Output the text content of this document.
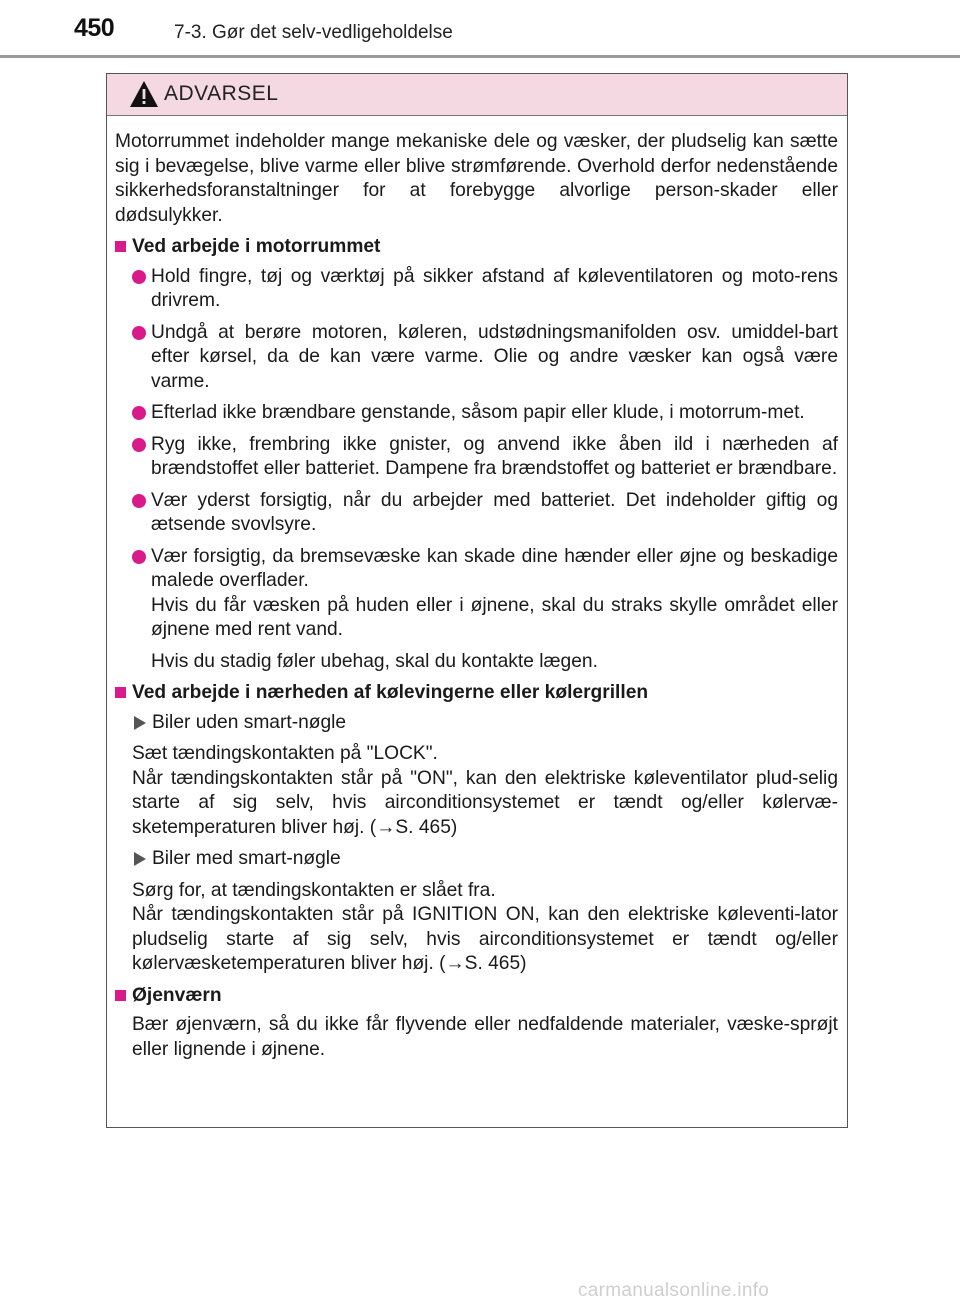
450	7-3. Gør det selv-vedligeholdelse
ADVARSEL

Motorrummet indeholder mange mekaniske dele og væsker, der pludselig kan sætte sig i bevægelse, blive varme eller blive strømførende. Overhold derfor nedenstående sikkerhedsforanstaltninger for at forebygge alvorlige person-skader eller dødsulykker.

Ved arbejde i motorrummet
Hold fingre, tøj og værktøj på sikker afstand af køleventilatoren og moto-rens drivrem.
Undgå at berøre motoren, køleren, udstødningsmanifolden osv. umiddel-bart efter kørsel, da de kan være varme. Olie og andre væsker kan også være varme.
Efterlad ikke brændbare genstande, såsom papir eller klude, i motorrum-met.
Ryg ikke, frembring ikke gnister, og anvend ikke åben ild i nærheden af brændstoffet eller batteriet. Dampene fra brændstoffet og batteriet er brændbare.
Vær yderst forsigtig, når du arbejder med batteriet. Det indeholder giftig og ætsende svovlsyre.
Vær forsigtig, da bremsevæske kan skade dine hænder eller øjne og beskadige malede overflader.

Hvis du får væsken på huden eller i øjnene, skal du straks skylle området eller øjnene med rent vand.

Hvis du stadig føler ubehag, skal du kontakte lægen.

Ved arbejde i nærheden af kølevingerne eller kølergrillen
Biler uden smart-nøgle

Sæt tændingskontakten på "LOCK".
Når tændingskontakten står på "ON", kan den elektriske køleventilator plud-selig starte af sig selv, hvis airconditionsystemet er tændt og/eller kølervæ-sketemperaturen bliver høj. (→S. 465)

Biler med smart-nøgle

Sørg for, at tændingskontakten er slået fra.
Når tændingskontakten står på IGNITION ON, kan den elektriske køleventi-lator pludselig starte af sig selv, hvis airconditionsystemet er tændt og/eller kølervæsketemperaturen bliver høj. (→S. 465)

Øjenværn

Bær øjenværn, så du ikke får flyvende eller nedfaldende materialer, væske-sprøjt eller lignende i øjnene.

carmanualsonline.info
